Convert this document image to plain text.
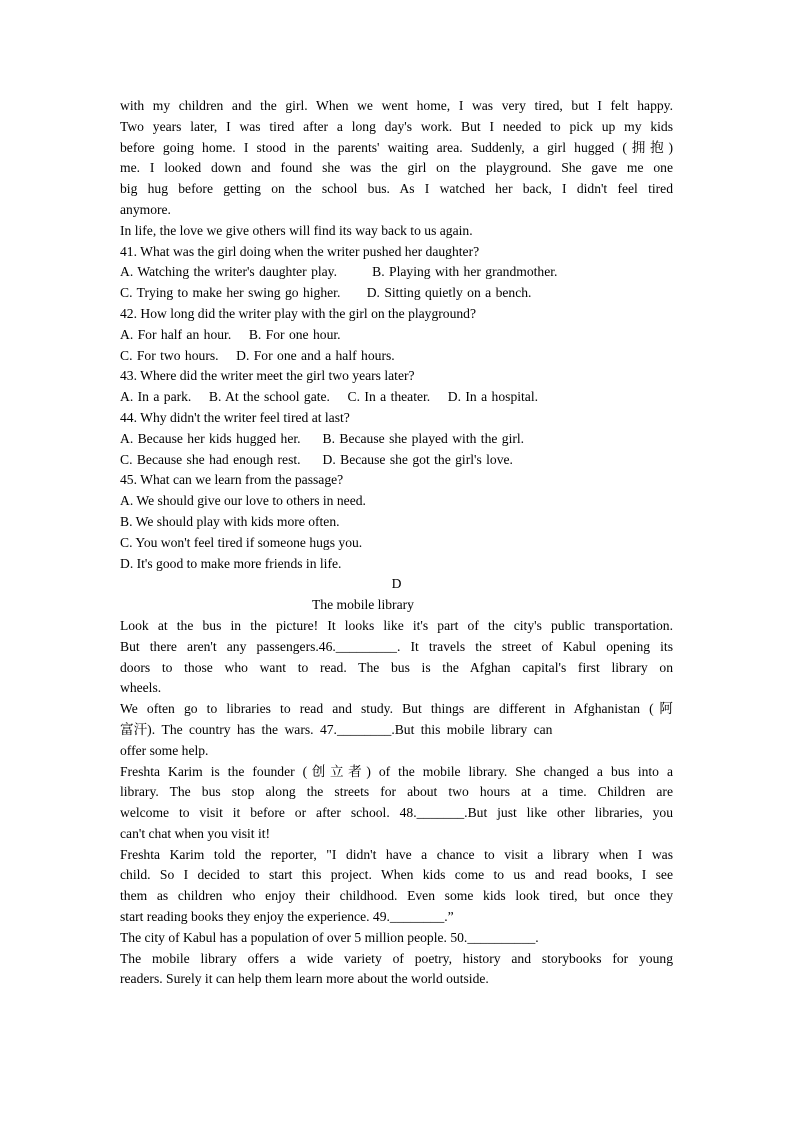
with my children and the girl. When we went home, I was very tired, but I felt happy.
Two years later, I was tired after a long day's work. But I needed to pick up my kids
before going home. I stood in the parents' waiting area. Suddenly, a girl hugged (拥抱)
me. I looked down and found she was the girl on the playground. She gave me one
big hug before getting on the school bus. As I watched her back, I didn't feel tired
anymore.
In life, the love we give others will find its way back to us again.
41. What was the girl doing when the writer pushed her daughter?
A. Watching the writer's daughter play.        B. Playing with her grandmother.
C. Trying to make her swing go higher.      D. Sitting quietly on a bench.
42. How long did the writer play with the girl on the playground?
A. For half an hour.    B. For one hour.
C. For two hours.    D. For one and a half hours.
43. Where did the writer meet the girl two years later?
A. In a park.    B. At the school gate.    C. In a theater.    D. In a hospital.
44. Why didn't the writer feel tired at last?
A. Because her kids hugged her.     B. Because she played with the girl.
C. Because she had enough rest.     D. Because she got the girl's love.
45. What can we learn from the passage?
A. We should give our love to others in need.
B. We should play with kids more often.
C. You won't feel tired if someone hugs you.
D. It's good to make more friends in life.
D
The mobile library
Look at the bus in the picture! It looks like it's part of the city's public transportation.
But there aren't any passengers.46._________. It travels the street of Kabul opening its
doors to those who want to read. The bus is the Afghan capital's first library on
wheels.
We often go to libraries to read and study. But things are different in Afghanistan (阿
富汗). The country has the wars. 47.________.But this mobile library can
offer some help.
Freshta Karim is the founder (创立者) of the mobile library. She changed a bus into a
library. The bus stop along the streets for about two hours at a time. Children are
welcome to visit it before or after school. 48._______.But just like other libraries, you
can't chat when you visit it!
Freshta Karim told the reporter, "I didn't have a chance to visit a library when I was
child. So I decided to start this project. When kids come to us and read books, I see
them as children who enjoy their childhood. Even some kids look tired, but once they
start reading books they enjoy the experience. 49.________.”
The city of Kabul has a population of over 5 million people. 50.__________.
The mobile library offers a wide variety of poetry, history and storybooks for young
readers. Surely it can help them learn more about the world outside.
